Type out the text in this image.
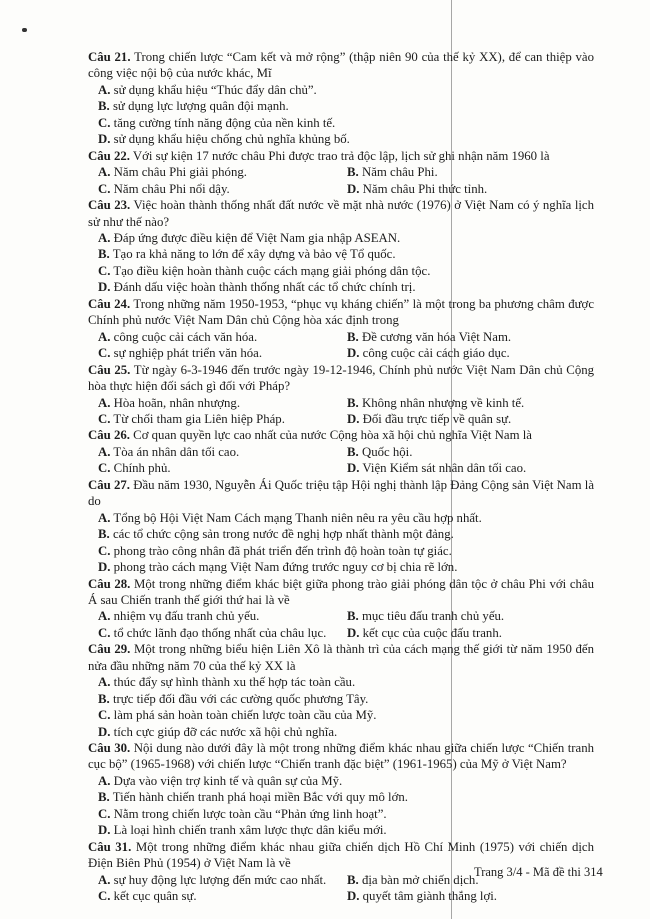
Câu 21. Trong chiến lược “Cam kết và mở rộng” (thập niên 90 của thế kỷ XX), để can thiệp vào công việc nội bộ của nước khác, Mĩ
A. sử dụng khẩu hiệu “Thúc đẩy dân chủ”.
B. sử dụng lực lượng quân đội mạnh.
C. tăng cường tính năng động của nền kinh tế.
D. sử dụng khẩu hiệu chống chủ nghĩa khủng bố.
Câu 22. Với sự kiện 17 nước châu Phi được trao trả độc lập, lịch sử ghi nhận năm 1960 là
A. Năm châu Phi giải phóng.	B. Năm châu Phi.
C. Năm châu Phi nổi dậy.	D. Năm châu Phi thức tỉnh.
Câu 23. Việc hoàn thành thống nhất đất nước về mặt nhà nước (1976) ở Việt Nam có ý nghĩa lịch sử như thế nào?
A. Đáp ứng được điều kiện để Việt Nam gia nhập ASEAN.
B. Tạo ra khả năng to lớn để xây dựng và bảo vệ Tổ quốc.
C. Tạo điều kiện hoàn thành cuộc cách mạng giải phóng dân tộc.
D. Đánh dấu việc hoàn thành thống nhất các tổ chức chính trị.
Câu 24. Trong những năm 1950-1953, “phục vụ kháng chiến” là một trong ba phương châm được Chính phủ nước Việt Nam Dân chủ Cộng hòa xác định trong
A. công cuộc cải cách văn hóa.	B. Đề cương văn hóa Việt Nam.
C. sự nghiệp phát triển văn hóa.	D. công cuộc cải cách giáo dục.
Câu 25. Từ ngày 6-3-1946 đến trước ngày 19-12-1946, Chính phủ nước Việt Nam Dân chủ Cộng hòa thực hiện đối sách gì đối với Pháp?
A. Hòa hoãn, nhân nhượng.	B. Không nhân nhượng về kinh tế.
C. Từ chối tham gia Liên hiệp Pháp.	D. Đối đầu trực tiếp về quân sự.
Câu 26. Cơ quan quyền lực cao nhất của nước Cộng hòa xã hội chủ nghĩa Việt Nam là
A. Tòa án nhân dân tối cao.	B. Quốc hội.
C. Chính phủ.	D. Viện Kiểm sát nhân dân tối cao.
Câu 27. Đầu năm 1930, Nguyễn Ái Quốc triệu tập Hội nghị thành lập Đảng Cộng sản Việt Nam là do
A. Tổng bộ Hội Việt Nam Cách mạng Thanh niên nêu ra yêu cầu hợp nhất.
B. các tổ chức cộng sản trong nước đề nghị hợp nhất thành một đảng.
C. phong trào công nhân đã phát triển đến trình độ hoàn toàn tự giác.
D. phong trào cách mạng Việt Nam đứng trước nguy cơ bị chia rẽ lớn.
Câu 28. Một trong những điểm khác biệt giữa phong trào giải phóng dân tộc ở châu Phi với châu Á sau Chiến tranh thế giới thứ hai là về
A. nhiệm vụ đấu tranh chủ yếu.	B. mục tiêu đấu tranh chủ yếu.
C. tổ chức lãnh đạo thống nhất của châu lục.	D. kết cục của cuộc đấu tranh.
Câu 29. Một trong những biểu hiện Liên Xô là thành trì của cách mạng thế giới từ năm 1950 đến nửa đầu những năm 70 của thế kỷ XX là
A. thúc đẩy sự hình thành xu thế hợp tác toàn cầu.
B. trực tiếp đối đầu với các cường quốc phương Tây.
C. làm phá sản hoàn toàn chiến lược toàn cầu của Mỹ.
D. tích cực giúp đỡ các nước xã hội chủ nghĩa.
Câu 30. Nội dung nào dưới đây là một trong những điểm khác nhau giữa chiến lược “Chiến tranh cục bộ” (1965-1968) với chiến lược “Chiến tranh đặc biệt” (1961-1965) của Mỹ ở Việt Nam?
A. Dựa vào viện trợ kinh tế và quân sự của Mỹ.
B. Tiến hành chiến tranh phá hoại miền Bắc với quy mô lớn.
C. Nằm trong chiến lược toàn cầu “Phản ứng linh hoạt”.
D. Là loại hình chiến tranh xâm lược thực dân kiểu mới.
Câu 31. Một trong những điểm khác nhau giữa chiến dịch Hồ Chí Minh (1975) với chiến dịch Điện Biên Phủ (1954) ở Việt Nam là về
A. sự huy động lực lượng đến mức cao nhất.	B. địa bàn mở chiến dịch.
C. kết cục quân sự.	D. quyết tâm giành thắng lợi.
Trang 3/4 - Mã đề thi 314
